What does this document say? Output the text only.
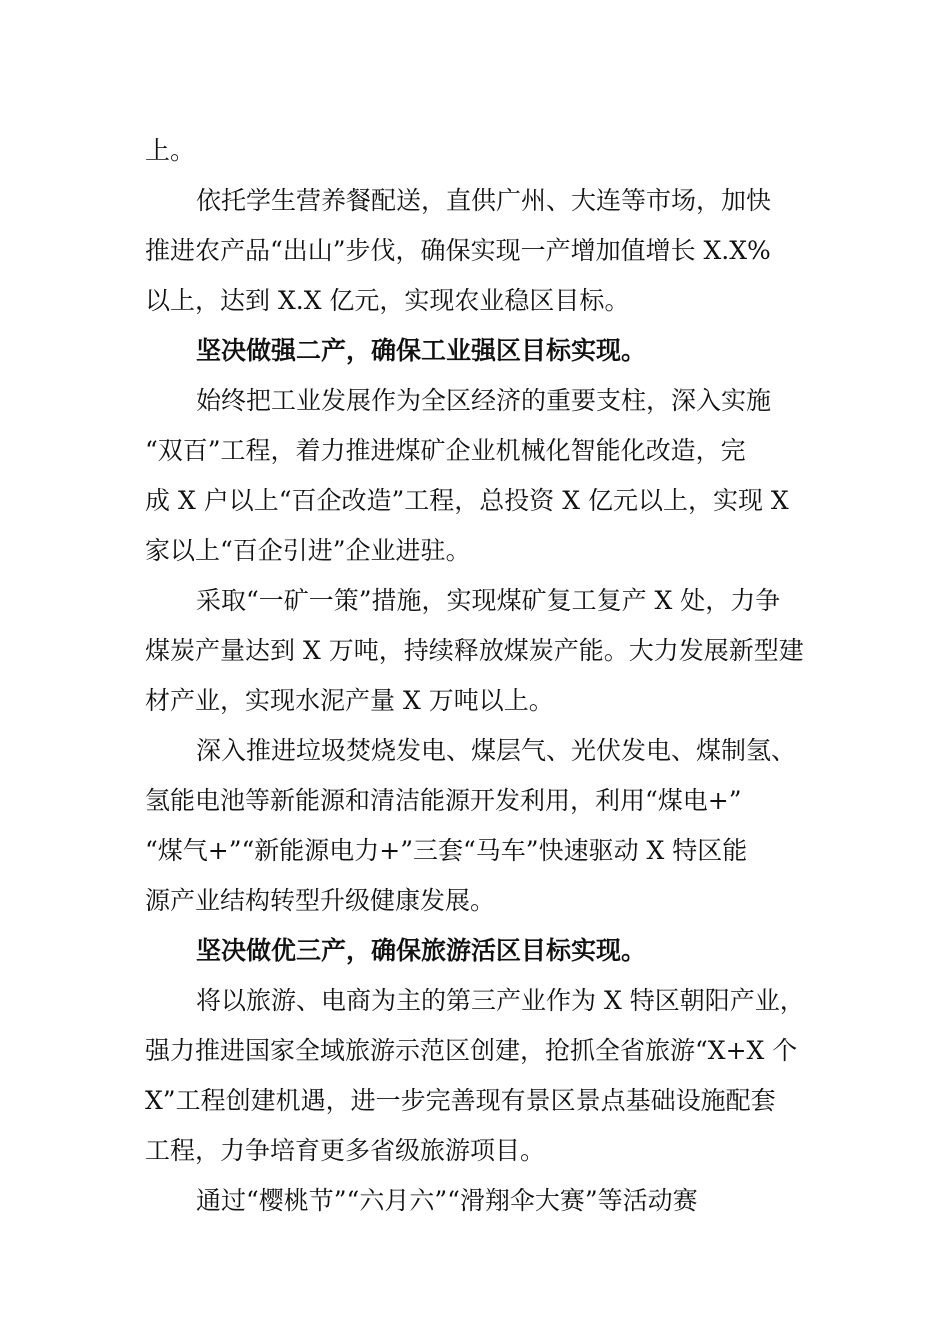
上。
依托学生营养餐配送，直供广州、大连等市场，加快
推进农产品“出山”步伐，确保实现一产增加值增长 X.X%
以上，达到 X.X 亿元，实现农业稳区目标。
坚决做强二产，确保工业强区目标实现。
始终把工业发展作为全区经济的重要支柱，深入实施
“双百”工程，着力推进煤矿企业机械化智能化改造，完
成 X 户以上“百企改造”工程，总投资 X 亿元以上，实现 X
家以上“百企引进”企业进驻。
采取“一矿一策”措施，实现煤矿复工复产 X 处，力争
煤炭产量达到 X 万吨，持续释放煤炭产能。大力发展新型建
材产业，实现水泥产量 X 万吨以上。
深入推进垃圾焚烧发电、煤层气、光伏发电、煤制氢、
氢能电池等新能源和清洁能源开发利用，利用“煤电+”
“煤气+”“新能源电力+”三套“马车”快速驱动 X 特区能
源产业结构转型升级健康发展。
坚决做优三产，确保旅游活区目标实现。
将以旅游、电商为主的第三产业作为 X 特区朝阳产业，
强力推进国家全域旅游示范区创建，抢抓全省旅游“X+X 个
X”工程创建机遇，进一步完善现有景区景点基础设施配套
工程，力争培育更多省级旅游项目。
通过“樱桃节”“六月六”“滑翔伞大赛”等活动赛
